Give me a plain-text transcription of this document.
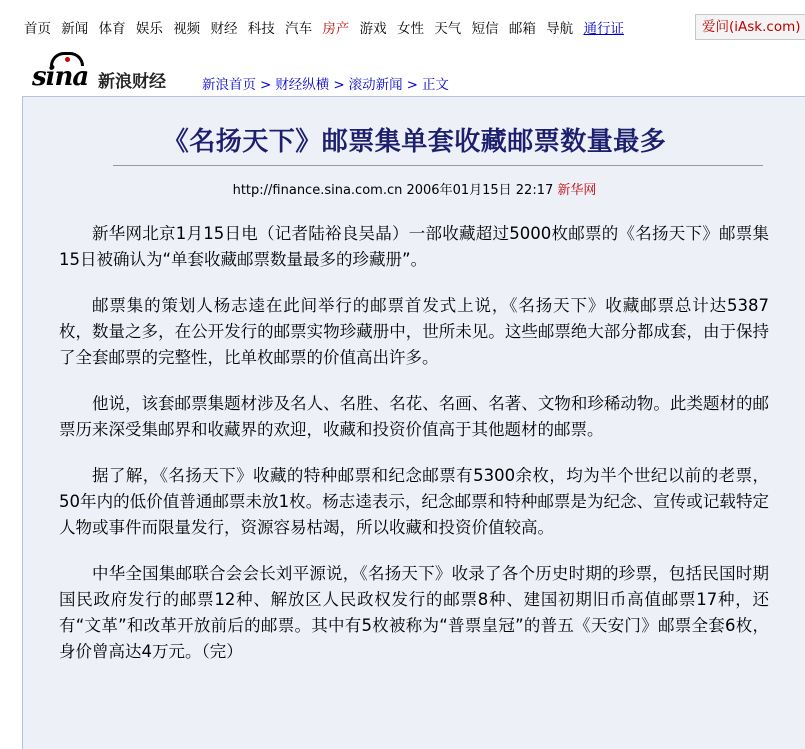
首页 新闻 体育 娱乐 视频 财经 科技 汽车 房产 游戏 女性 天气 短信 邮箱 导航 通行证	爱问(iAsk.com)
sina 新浪财经	新浪首页 > 财经纵横 > 滚动新闻 > 正文
《名扬天下》邮票集单套收藏邮票数量最多
http://finance.sina.com.cn 2006年01月15日 22:17 新华网

新华网北京1月15日电（记者陆裕良吴晶）一部收藏超过5000枚邮票的《名扬天下》邮票集15日被确认为“单套收藏邮票数量最多的珍藏册”。

邮票集的策划人杨志逵在此间举行的邮票首发式上说，《名扬天下》收藏邮票总计达5387枚，数量之多，在公开发行的邮票实物珍藏册中，世所未见。这些邮票绝大部分都成套，由于保持了全套邮票的完整性，比单枚邮票的价值高出许多。

他说，该套邮票集题材涉及名人、名胜、名花、名画、名著、文物和珍稀动物。此类题材的邮票历来深受集邮界和收藏界的欢迎，收藏和投资价值高于其他题材的邮票。

据了解，《名扬天下》收藏的特种邮票和纪念邮票有5300余枚，均为半个世纪以前的老票，50年内的低价值普通邮票未放1枚。杨志逵表示，纪念邮票和特种邮票是为纪念、宣传或记载特定人物或事件而限量发行，资源容易枯竭，所以收藏和投资价值较高。

中华全国集邮联合会会长刘平源说，《名扬天下》收录了各个历史时期的珍票，包括民国时期国民政府发行的邮票12种、解放区人民政权发行的邮票8种、建国初期旧币高值邮票17种，还有“文革”和改革开放前后的邮票。其中有5枚被称为“普票皇冠”的普五《天安门》邮票全套6枚，身价曾高达4万元。（完）
